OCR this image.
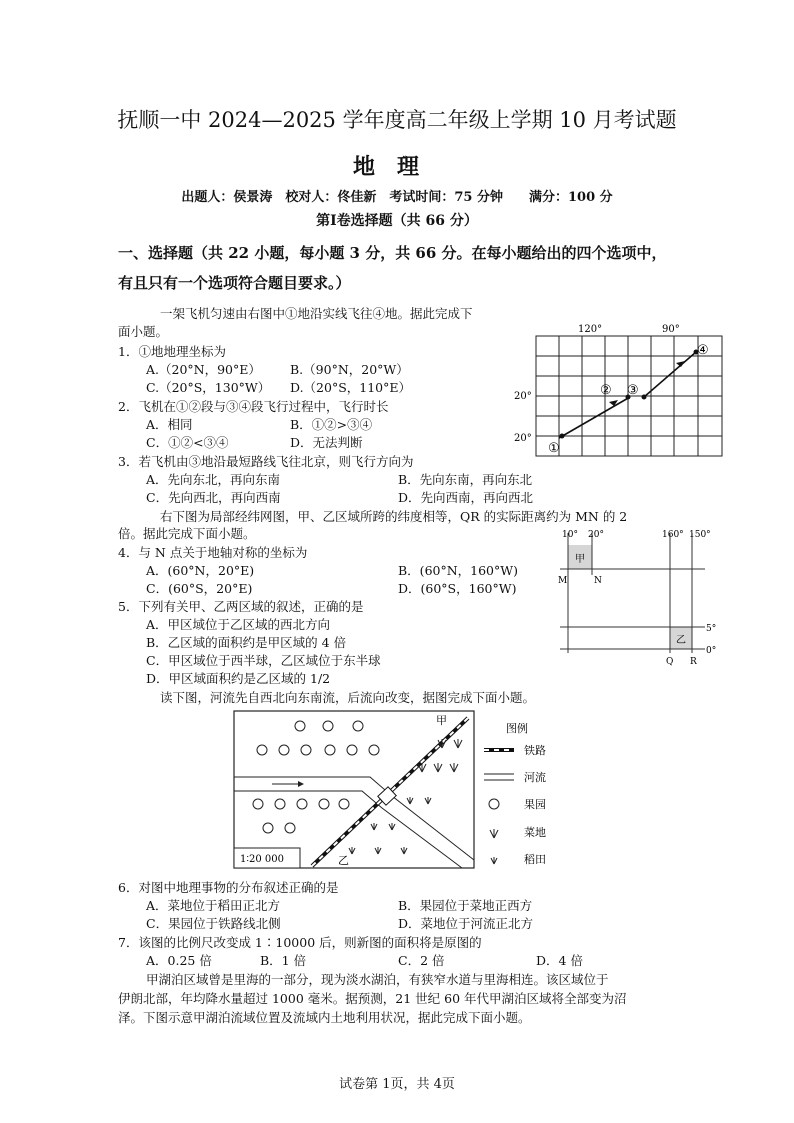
抚顺一中 2024—2025 学年度高二年级上学期 10 月考试题
地理
出题人：侯景涛　校对人：佟佳新　考试时间：75 分钟　　满分：100 分
第Ⅰ卷选择题（共 66 分）
一、选择题（共 22 小题，每小题 3 分，共 66 分。在每小题给出的四个选项中，
有且只有一个选项符合题目要求。）
一架飞机匀速由右图中①地沿实线飞往④地。据此完成下
面小题。
1．①地地理坐标为
A.（20°N，90°E） B.（90°N，20°W）
C.（20°S，130°W） D.（20°S，110°E）
2．飞机在①②段与③④段飞行过程中，飞行时长
A．相同	B．①②>③④
C．①②<③④	D．无法判断
3．若飞机由③地沿最短路线飞往北京，则飞行方向为
A．先向东北，再向东南	B．先向东南，再向东北
C．先向西北，再向西南	D．先向西南，再向西北
120°	90°
20°
20°
①
② ③
④
右下图为局部经纬网图，甲、乙区域所跨的纬度相等，QR 的实际距离约为 MN 的 2
倍。据此完成下面小题。
4．与 N 点关于地轴对称的坐标为
A．(60°N，20°E)	B．(60°N，160°W)
C．(60°S，20°E)	D．(60°S，160°W)
5．下列有关甲、乙两区域的叙述，正确的是
A．甲区域位于乙区域的西北方向
B．乙区域的面积约是甲区域的 4 倍
C．甲区域位于西半球，乙区域位于东半球
D．甲区域面积约是乙区域的 1/2
10° 20°	160° 150°
甲
乙
M	N
Q R
5°
0°
读下图，河流先自西北向东南流，后流向改变，据图完成下面小题。
1∶20 000
甲
乙
图例
铁路
河流
果园
菜地
稻田
6．对图中地理事物的分布叙述正确的是
A．菜地位于稻田正北方	B．果园位于菜地正西方
C．果园位于铁路线北侧	D．菜地位于河流正北方
7．该图的比例尺改变成 1∶10000 后，则新图的面积将是原图的
A．0.25 倍	B．1 倍	C．2 倍	D．4 倍
甲湖泊区域曾是里海的一部分，现为淡水湖泊，有狭窄水道与里海相连。该区域位于
伊朗北部，年均降水量超过 1000 毫米。据预测，21 世纪 60 年代甲湖泊区域将全部变为沼
泽。下图示意甲湖泊流域位置及流域内土地利用状况，据此完成下面小题。
试卷第 1页，共 4页
